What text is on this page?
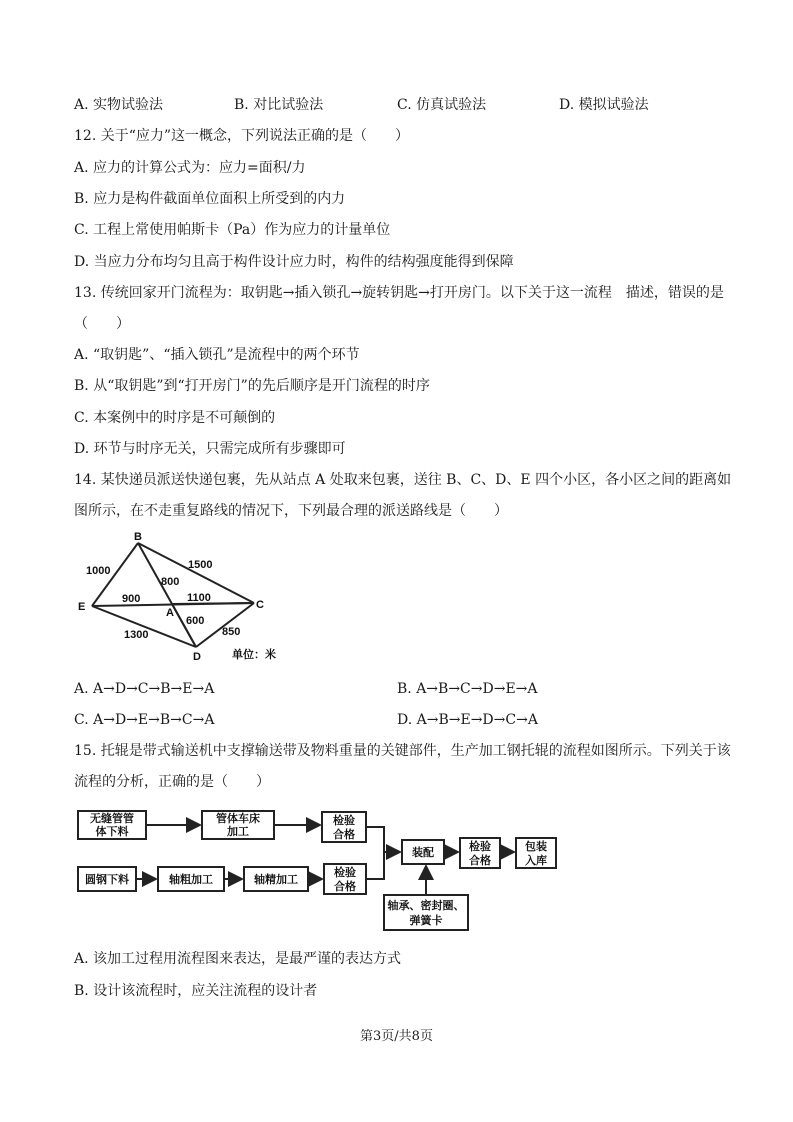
A. 实物试验法	B. 对比试验法	C. 仿真试验法	D. 模拟试验法
12. 关于“应力”这一概念，下列说法正确的是（　　）
A. 应力的计算公式为：应力=面积/力
B. 应力是构件截面单位面积上所受到的内力
C. 工程上常使用帕斯卡（Pa）作为应力的计量单位
D. 当应力分布均匀且高于构件设计应力时，构件的结构强度能得到保障
13. 传统回家开门流程为：取钥匙→插入锁孔→旋转钥匙→打开房门。以下关于这一流程　描述，错误的是
（　　）
A. “取钥匙”、“插入锁孔”是流程中的两个环节
B. 从“取钥匙”到“打开房门”的先后顺序是开门流程的时序
C. 本案例中的时序是不可颠倒的
D. 环节与时序无关，只需完成所有步骤即可
14. 某快递员派送快递包裹，先从站点 A 处取来包裹，送往 B、C、D、E 四个小区，各小区之间的距离如
图所示，在不走重复路线的情况下，下列最合理的派送路线是（　　）
B
E	A
C
D
1000	1500
800
900	1100
600
850
1300
单位：米
A. A→D→C→B→E→A	B. A→B→C→D→E→A
C. A→D→E→B→C→A	D. A→B→E→D→C→A
15. 托辊是带式输送机中支撑输送带及物料重量的关键部件，生产加工钢托辊的流程如图所示。下列关于该
流程的分析，正确的是（　　）
无缝管管
体下料
管体车床
加工
检验
合格
圆钢下料	轴粗加工	轴精加工
检验
合格
装配
轴承、密封圈、
弹簧卡
检验
合格
包装
入库
A. 该加工过程用流程图来表达，是最严谨的表达方式
B. 设计该流程时，应关注流程的设计者
第3页/共8页
